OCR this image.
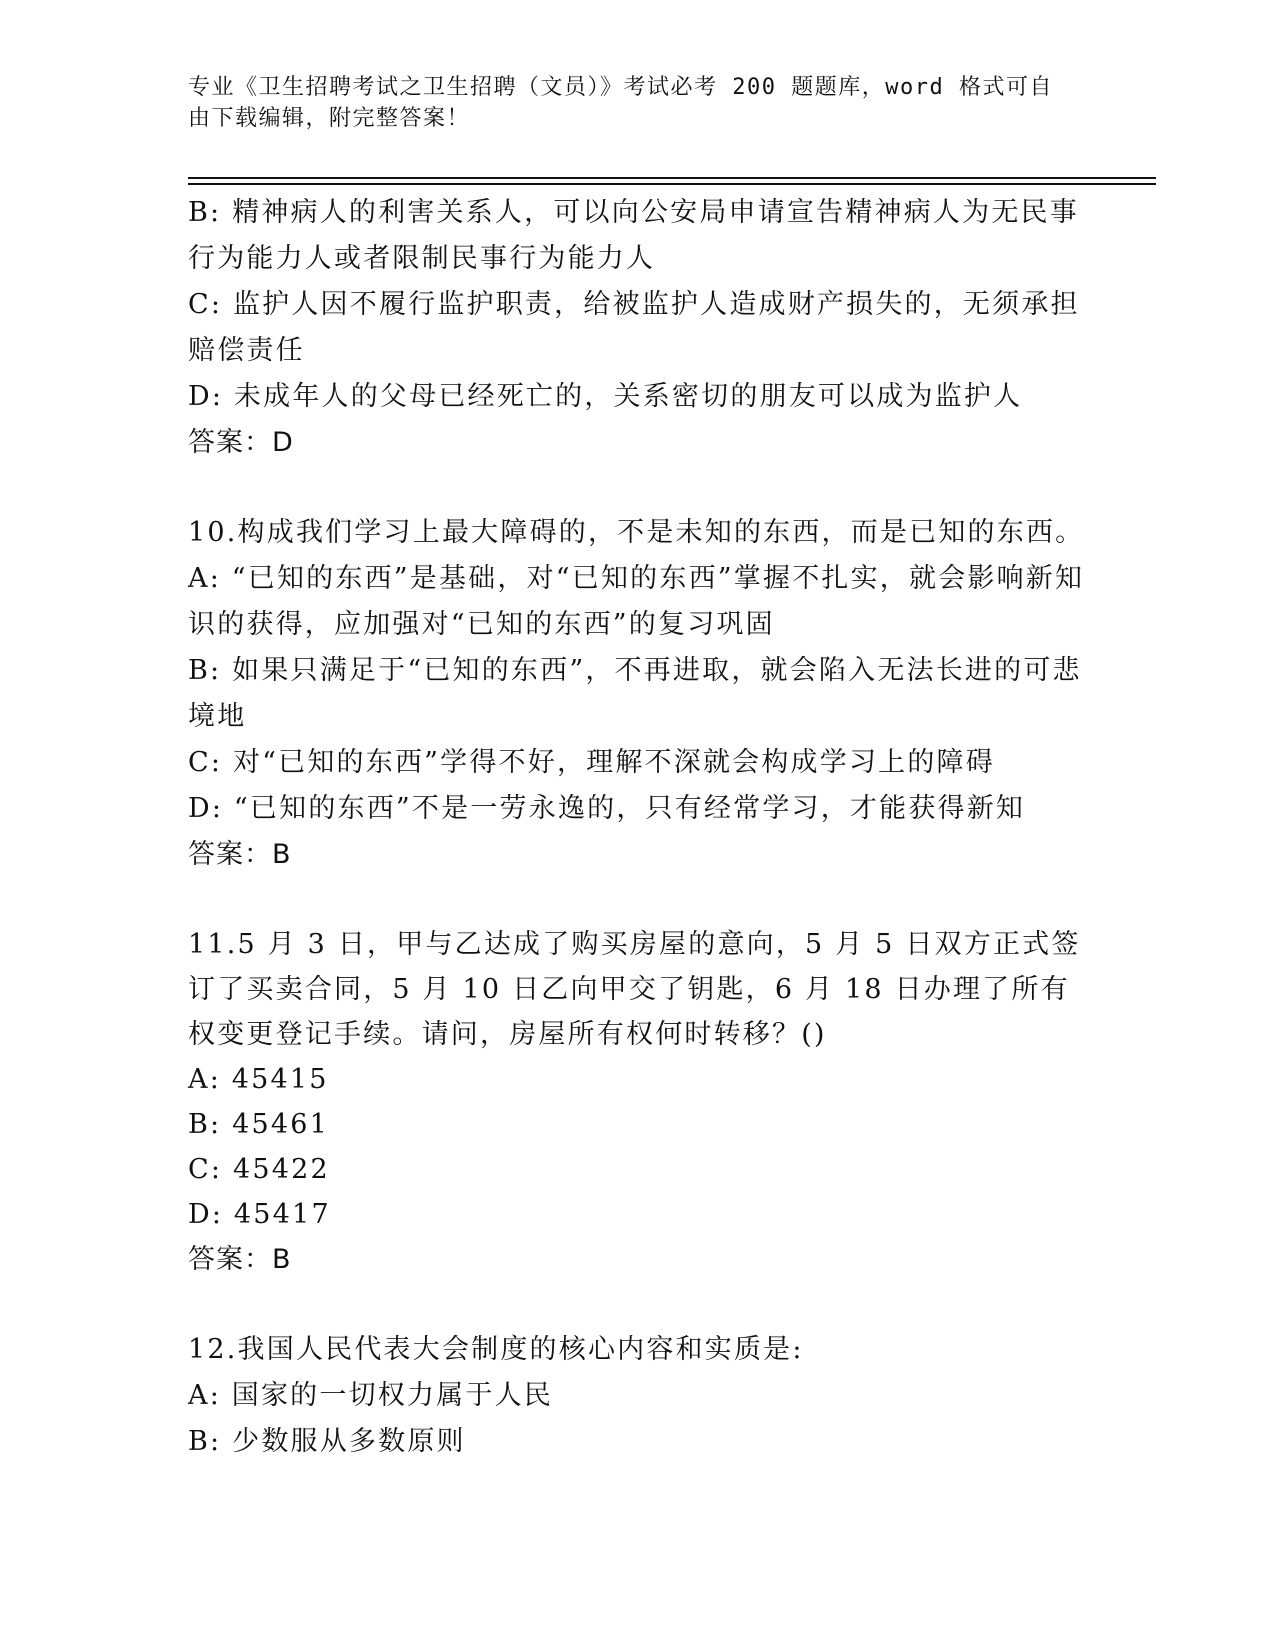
专业《卫生招聘考试之卫生招聘（文员）》考试必考 200 题题库，word 格式可自由下载编辑，附完整答案！

B: 精神病人的利害关系人，可以向公安局申请宣告精神病人为无民事行为能力人或者限制民事行为能力人

C: 监护人因不履行监护职责，给被监护人造成财产损失的，无须承担赔偿责任

D: 未成年人的父母已经死亡的，关系密切的朋友可以成为监护人

答案：D

10.构成我们学习上最大障碍的，不是未知的东西，而是已知的东西。

A: “已知的东西”是基础，对“已知的东西”掌握不扎实，就会影响新知识的获得，应加强对“已知的东西”的复习巩固

B: 如果只满足于“已知的东西”，不再进取，就会陷入无法长进的可悲境地

C: 对“已知的东西”学得不好，理解不深就会构成学习上的障碍

D: “已知的东西”不是一劳永逸的，只有经常学习，才能获得新知

答案：B

11.5 月 3 日，甲与乙达成了购买房屋的意向，5 月 5 日双方正式签订了买卖合同，5 月 10 日乙向甲交了钥匙，6 月 18 日办理了所有权变更登记手续。请问，房屋所有权何时转移？()

A: 45415

B: 45461

C: 45422

D: 45417

答案：B

12.我国人民代表大会制度的核心内容和实质是:

A: 国家的一切权力属于人民

B: 少数服从多数原则
